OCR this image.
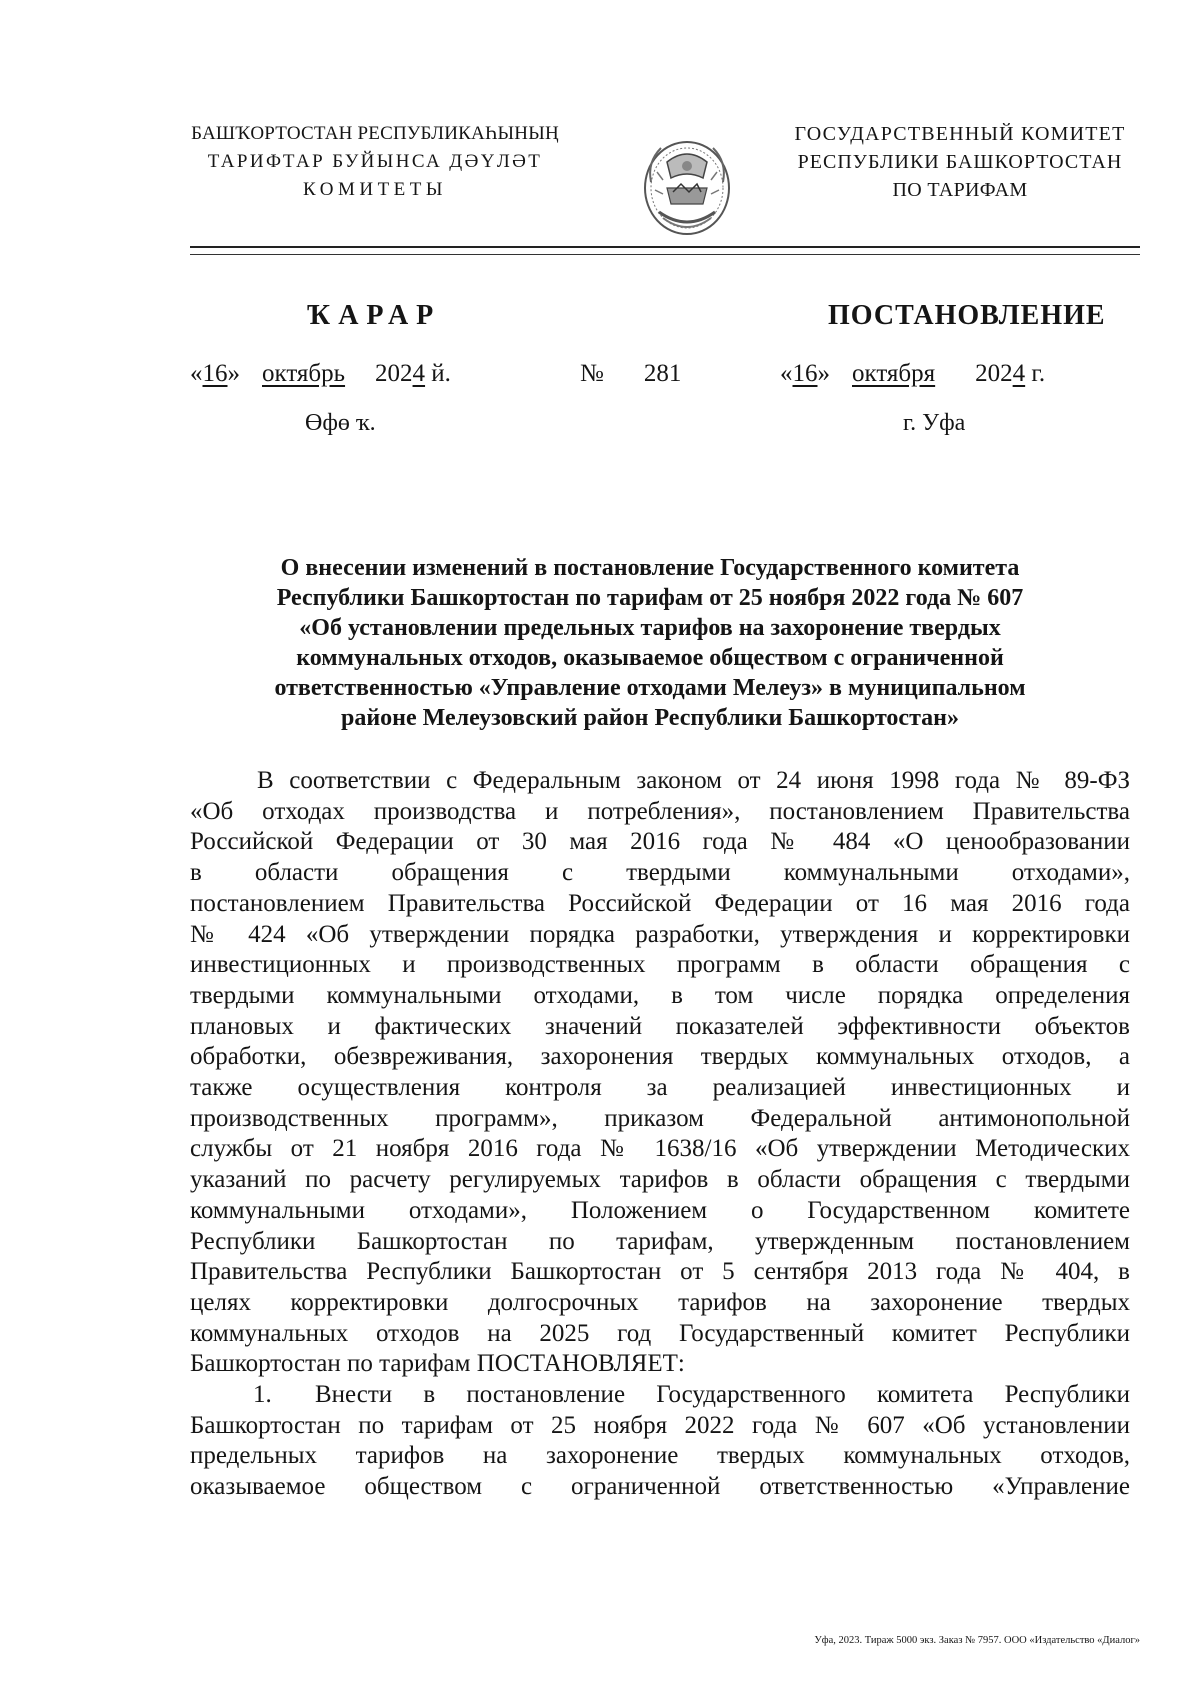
БАШҠОРТОСТАН РЕСПУБЛИКАҺЫНЫҢ
ТАРИФТАР БУЙЫНСА ДӘҮЛӘТ
КОМИТЕТЫ
ГОСУДАРСТВЕННЫЙ КОМИТЕТ
РЕСПУБЛИКИ БАШКОРТОСТАН
ПО ТАРИФАМ
ҠАРАР	ПОСТАНОВЛЕНИЕ
«16» октябрь 2024 й.	№ 281	«16» октября 2024 г.
Өфө ҡ.	г. Уфа
О внесении изменений в постановление Государственного комитета
Республики Башкортостан по тарифам от 25 ноября 2022 года № 607
«Об установлении предельных тарифов на захоронение твердых
коммунальных отходов, оказываемое обществом с ограниченной
ответственностью «Управление отходами Мелеуз» в муниципальном
районе Мелеузовский район Республики Башкортостан»
В соответствии с Федеральным законом от 24 июня 1998 года № 89-ФЗ
«Об отходах производства и потребления», постановлением Правительства
Российской Федерации от 30 мая 2016 года № 484 «О ценообразовании
в области обращения с твердыми коммунальными отходами»,
постановлением Правительства Российской Федерации от 16 мая 2016 года
№ 424 «Об утверждении порядка разработки, утверждения и корректировки
инвестиционных и производственных программ в области обращения с
твердыми коммунальными отходами, в том числе порядка определения
плановых и фактических значений показателей эффективности объектов
обработки, обезвреживания, захоронения твердых коммунальных отходов, а
также осуществления контроля за реализацией инвестиционных и
производственных программ», приказом Федеральной антимонопольной
службы от 21 ноября 2016 года № 1638/16 «Об утверждении Методических
указаний по расчету регулируемых тарифов в области обращения с твердыми
коммунальными отходами», Положением о Государственном комитете
Республики Башкортостан по тарифам, утвержденным постановлением
Правительства Республики Башкортостан от 5 сентября 2013 года № 404, в
целях корректировки долгосрочных тарифов на захоронение твердых
коммунальных отходов на 2025 год Государственный комитет Республики
Башкортостан по тарифам ПОСТАНОВЛЯЕТ:
1. Внести в постановление Государственного комитета Республики
Башкортостан по тарифам от 25 ноября 2022 года № 607 «Об установлении
предельных тарифов на захоронение твердых коммунальных отходов,
оказываемое обществом с ограниченной ответственностью «Управление
Уфа, 2023. Тираж 5000 экз. Заказ № 7957. ООО «Издательство «Диалог»
